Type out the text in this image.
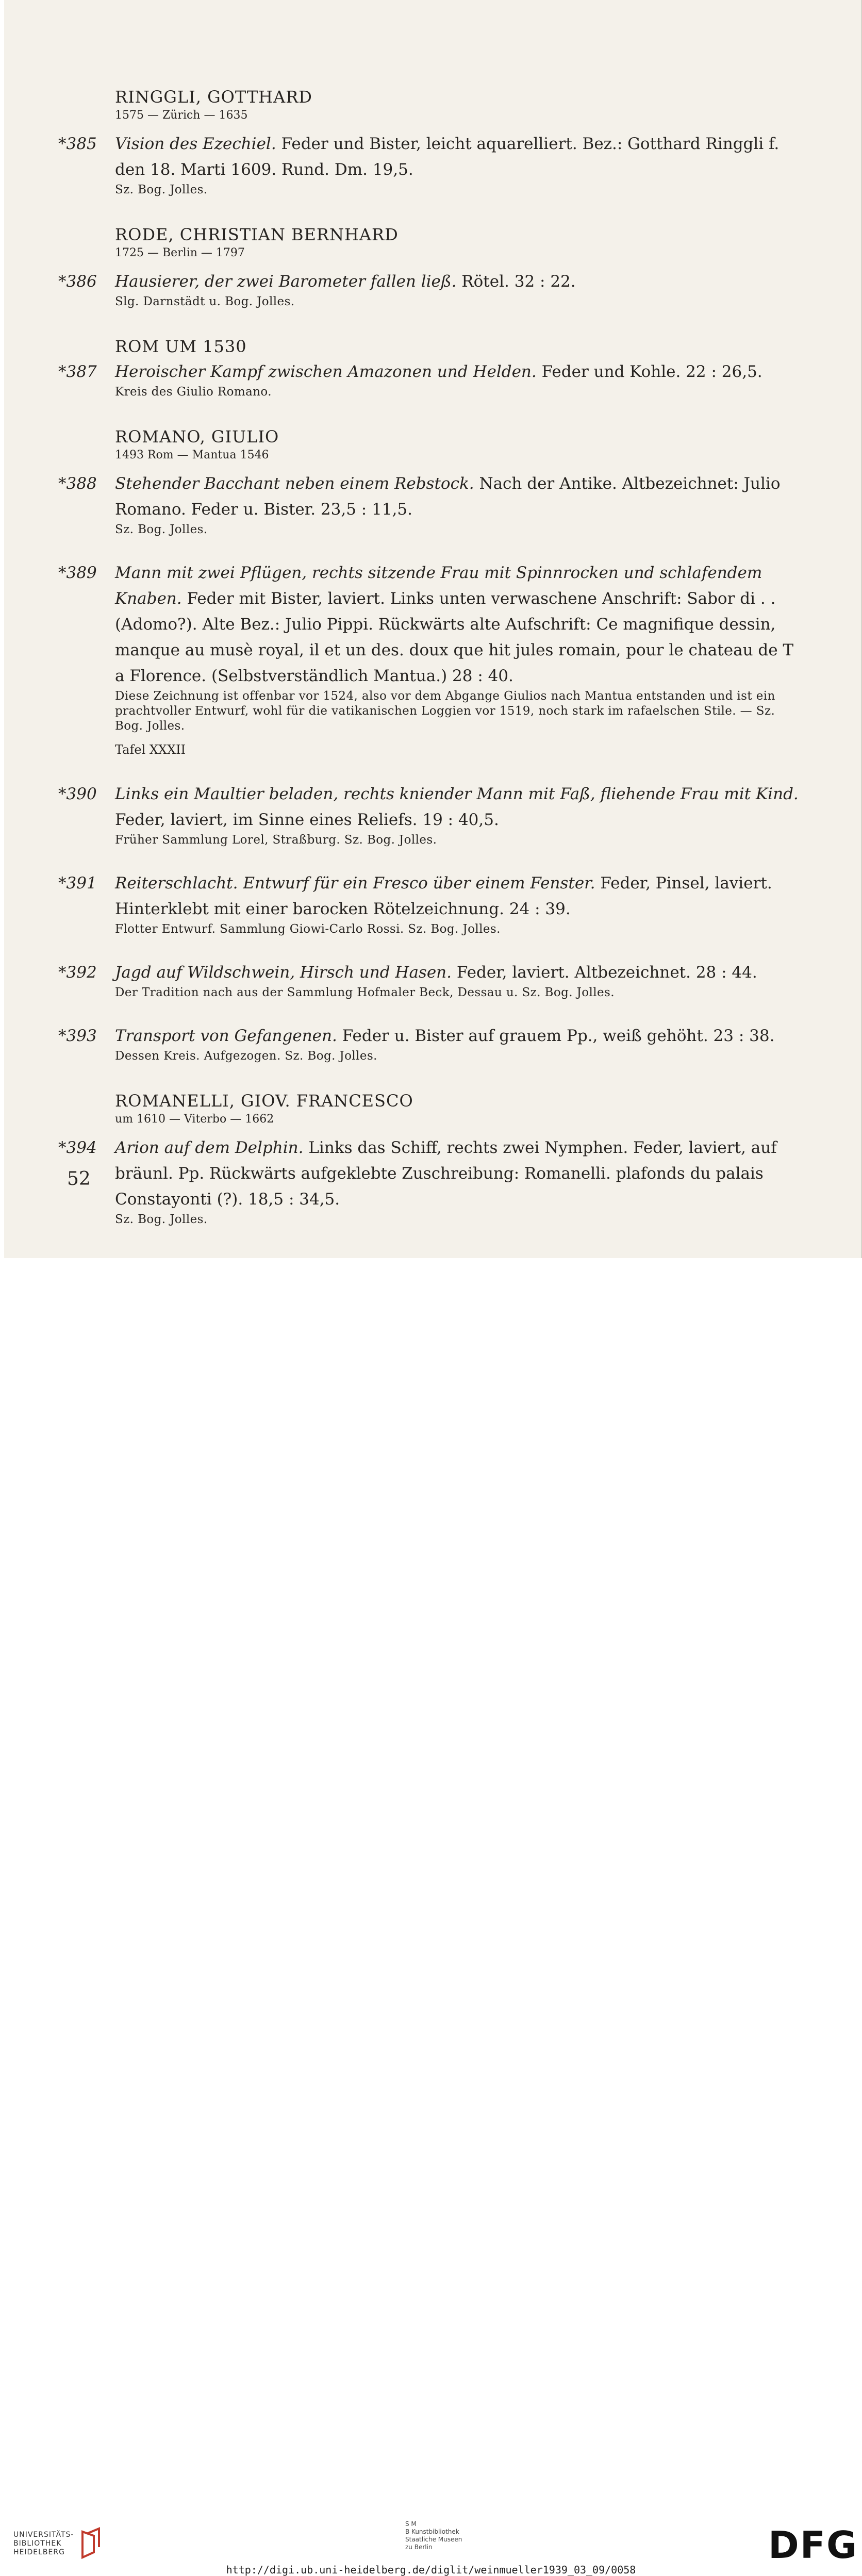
RINGGLI, GOTTHARD
1575 — Zürich — 1635
*385	Vision des Ezechiel. Feder und Bister, leicht aquarelliert. Bez.: Gotthard Ringgli f. den 18. Marti 1609. Rund. Dm. 19,5.
Sz. Bog. Jolles.
RODE, CHRISTIAN BERNHARD
1725 — Berlin — 1797
*386	Hausierer, der zwei Barometer fallen ließ. Rötel. 32 : 22.
Slg. Darnstädt u. Bog. Jolles.
ROM UM 1530
*387	Heroischer Kampf zwischen Amazonen und Helden. Feder und Kohle. 22 : 26,5.
Kreis des Giulio Romano.
ROMANO, GIULIO
1493 Rom — Mantua 1546
*388	Stehender Bacchant neben einem Rebstock. Nach der Antike. Altbezeichnet: Julio Romano. Feder u. Bister. 23,5 : 11,5.
Sz. Bog. Jolles.
*389	Mann mit zwei Pflügen, rechts sitzende Frau mit Spinnrocken und schlafendem Knaben. Feder mit Bister, laviert. Links unten verwaschene Anschrift: Sabor di . . (Adomo?). Alte Bez.: Julio Pippi. Rückwärts alte Aufschrift: Ce magnifique dessin, manque au musè royal, il et un des. doux que hit jules romain, pour le chateau de T a Florence. (Selbstverständlich Mantua.) 28 : 40.
Diese Zeichnung ist offenbar vor 1524, also vor dem Abgange Giulios nach Mantua entstanden und ist ein prachtvoller Entwurf, wohl für die vatikanischen Loggien vor 1519, noch stark im rafaelschen Stile. — Sz. Bog. Jolles.
Tafel XXXII
*390	Links ein Maultier beladen, rechts kniender Mann mit Faß, fliehende Frau mit Kind. Feder, laviert, im Sinne eines Reliefs. 19 : 40,5.
Früher Sammlung Lorel, Straßburg. Sz. Bog. Jolles.
*391	Reiterschlacht. Entwurf für ein Fresco über einem Fenster. Feder, Pinsel, laviert. Hinterklebt mit einer barocken Rötelzeichnung. 24 : 39.
Flotter Entwurf. Sammlung Giowi-Carlo Rossi. Sz. Bog. Jolles.
*392	Jagd auf Wildschwein, Hirsch und Hasen. Feder, laviert. Altbezeichnet. 28 : 44.
Der Tradition nach aus der Sammlung Hofmaler Beck, Dessau u. Sz. Bog. Jolles.
*393	Transport von Gefangenen. Feder u. Bister auf grauem Pp., weiß gehöht. 23 : 38.
Dessen Kreis. Aufgezogen. Sz. Bog. Jolles.
ROMANELLI, GIOV. FRANCESCO
um 1610 — Viterbo — 1662
*394	Arion auf dem Delphin. Links das Schiff, rechts zwei Nymphen. Feder, laviert, auf bräunl. Pp. Rückwärts aufgeklebte Zuschreibung: Romanelli. plafonds du palais Constayonti (?). 18,5 : 34,5.
Sz. Bog. Jolles.
52
UNIVERSITÄTS-
BIBLIOTHEK
HEIDELBERG
S M
B Kunstbibliothek
Staatliche Museen
zu Berlin	DFG
http://digi.ub.uni-heidelberg.de/diglit/weinmueller1939_03_09/0058
